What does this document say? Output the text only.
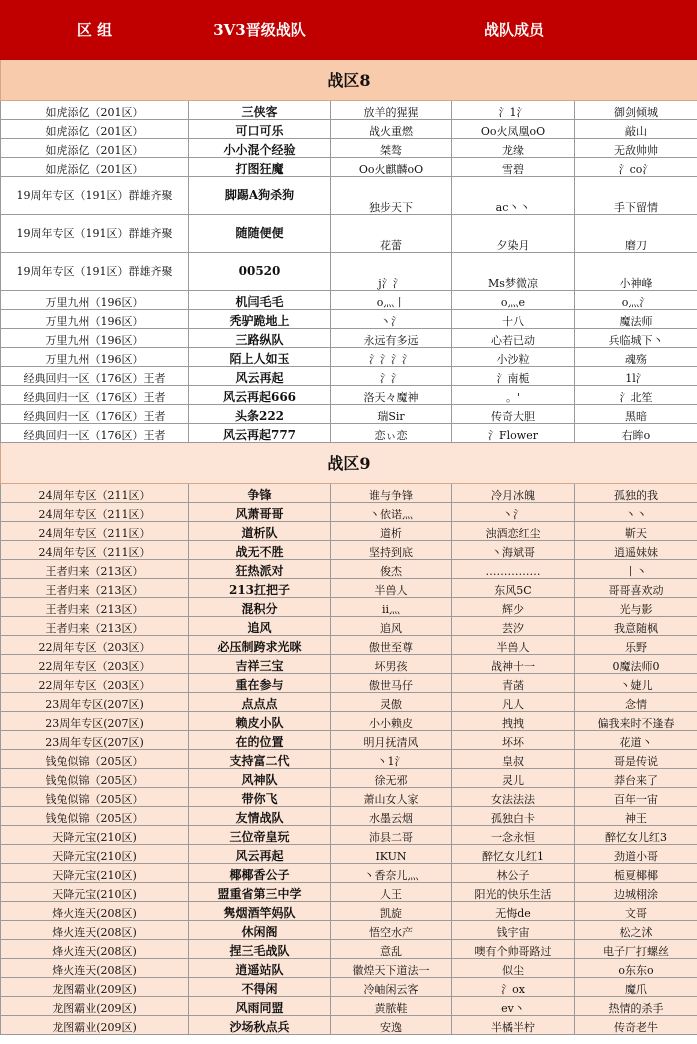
区 组	3V3晋级战队	战队成员		
战区8				
如虎添亿（201区）	三侠客	放羊的猩猩	氵1氵	御剑倾城
如虎添亿（201区）	可口可乐	战火重燃	Oo火凤凰oO	敲山
如虎添亿（201区）	小小混个经验	桀骜	龙缘	无敌帅帅
如虎添亿（201区）	打图狂魔	Oo火麒麟oO	雪碧	氵co氵
19周年专区（191区）群雄齐聚	脚踢A狗杀狗	独步天下	ac丶丶	手下留情
19周年专区（191区）群雄齐聚	随随便便	花蕾	夕染月	磨刀
19周年专区（191区）群雄齐聚	00520	j氵氵	Ms梦微凉	小神峰
万里九州（196区）	机闫毛毛	o灬丨	o灬e	o灬氵
万里九州（196区）	秃驴跪地上	丶氵	十八	魔法师
万里九州（196区）	三路纵队	永远有多远	心若已动	兵临城下丶
万里九州（196区）	陌上人如玉	氵氵氵氵	小沙粒	魂殇
经典回归一区（176区）王者	风云再起	氵氵	氵南栀	1l氵
经典回归一区（176区）王者	风云再起666	洛天々魔神	。'	氵北笙
经典回归一区（176区）王者	头条222	瑞Sir	传奇大胆	黑暗
经典回归一区（176区）王者	风云再起777	恋ぃ恋	氵Flower	右眸o
战区9				
24周年专区（211区）	争锋	谁与争锋	冷月冰魄	孤独的我
24周年专区（211区）	风萧哥哥	丶依诺灬	丶氵	丶丶
24周年专区（211区）	道析队	道析	浊酒恋红尘	靳天
24周年专区（211区）	战无不胜	坚持到底	丶海斌哥	逍遥妹妹
王者归来（213区）	狂热派对	俊杰	……………	丨丶
王者归来（213区）	213扛把子	半兽人	东风5C	哥哥喜欢动
王者归来（213区）	混积分	ii灬	辉少	光与影
王者归来（213区）	追风	追风	芸汐	我意随枫
22周年专区（203区）	必压制跨求光咪	傲世至尊	半兽人	乐野
22周年专区（203区）	吉祥三宝	坏男孩	战神十一	0魔法师0
22周年专区（203区）	重在参与	傲世马仔	青菡	丶婕儿
23周年专区(207区)	点点点	灵傲	凡人	念情
23周年专区(207区)	赖皮小队	小小赖皮	拽拽	偏我来时不逢春
23周年专区(207区)	在的位置	明月抚清风	坏坏	花道丶
钱兔似锦（205区）	支持富二代	丶1氵	皇叔	哥是传说
钱兔似锦（205区）	风神队	徐无邪	灵儿	莽台来了
钱兔似锦（205区）	带你飞	萧山女人家	女法法法	百年一宙
钱兔似锦（205区）	友情战队	水墨云烟	孤独白卡	神王
天降元宝(210区)	三位帝皇玩	沛县二哥	一念永恒	醉忆女儿红3
天降元宝(210区)	风云再起	IKUN	醉忆女儿红1	劲道小哥
天降元宝(210区)	椰椰香公子	丶香奈儿灬	林公子	栀夏椰椰
天降元宝(210区)	盟重省第三中学	人王	阳光的快乐生活	边城栩涂
烽火连天(208区)	隽烟酒竿妈队	凯旋	无悔de	文哥
烽火连天(208区)	休闲阁	悟空水产	钱宇宙	松之沭
烽火连天(208区)	捏三毛战队	意乱	噢有个帅哥路过	电子厂打螺丝
烽火连天(208区)	逍遥站队	徽煌天下道法一	似尘	o东东o
龙图霸业(209区)	不得闲	冷岫闲云客	氵ox	魔爪
龙图霸业(209区)	风雨同盟	黄脓鞋	ev丶	热情的杀手
龙图霸业(209区)	沙场秋点兵	安逸	半橘半柠	传奇老牛
